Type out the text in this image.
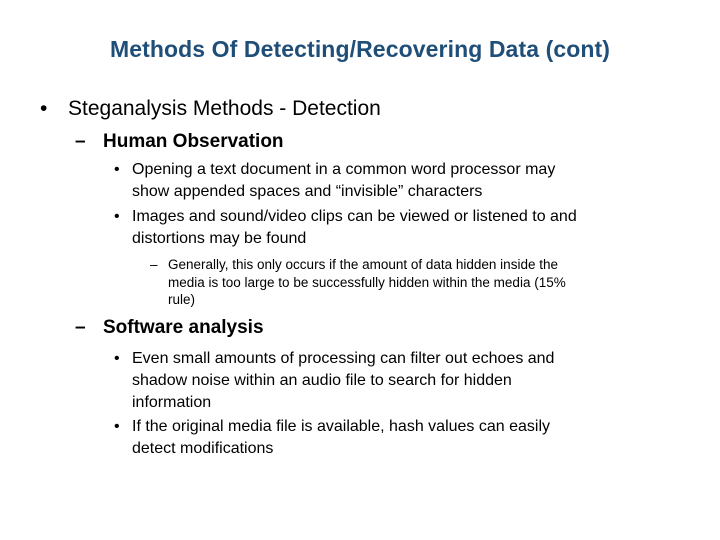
Methods Of Detecting/Recovering Data (cont)
• Steganalysis Methods - Detection
– Human Observation
• Opening a text document in a common word processor may show appended spaces and “invisible” characters
• Images and sound/video clips can be viewed or listened to and distortions may be found
– Generally, this only occurs if the amount of data hidden inside the media is too large to be successfully hidden within the media (15% rule)
– Software analysis
• Even small amounts of processing can filter out echoes and shadow noise within an audio file to search for hidden information
• If the original media file is available, hash values can easily detect modifications
